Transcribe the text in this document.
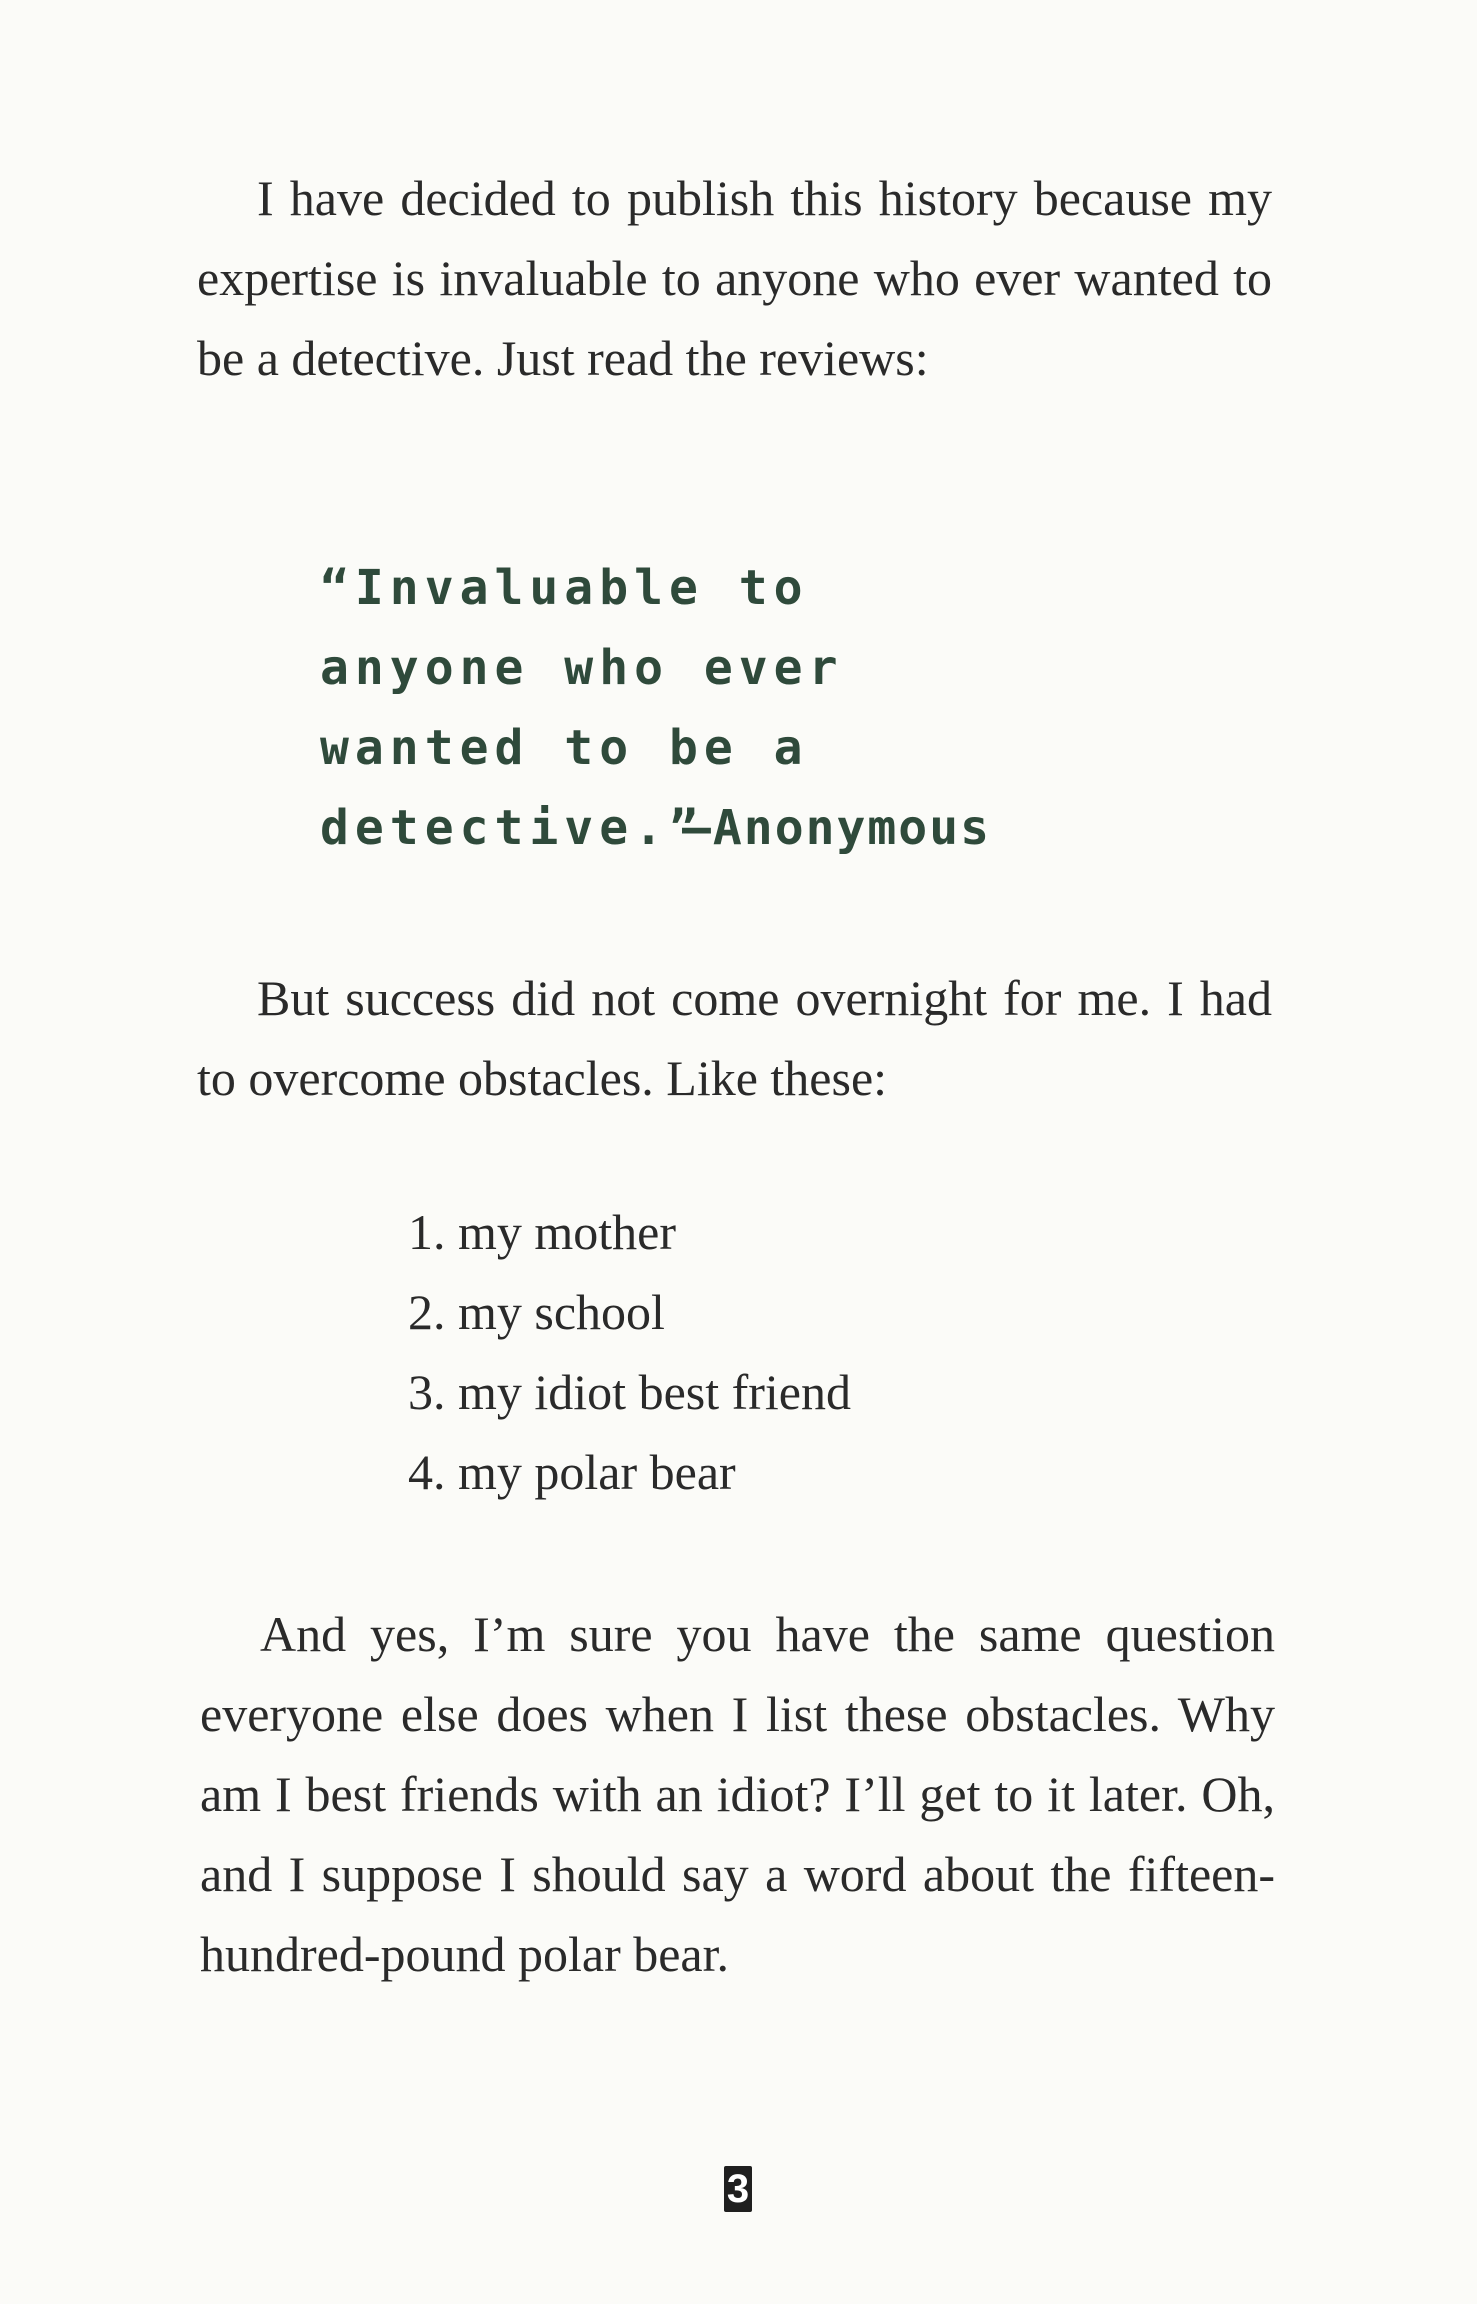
I have decided to publish this history because my expertise is invaluable to anyone who ever wanted to be a detective. Just read the reviews:

“Invaluable to anyone who ever wanted to be a detective.”

—Anonymous

But success did not come overnight for me. I had to overcome obstacles. Like these:

1. my mother
2. my school
3. my idiot best friend
4. my polar bear

And yes, I’m sure you have the same question everyone else does when I list these obstacles. Why am I best friends with an idiot? I’ll get to it later. Oh, and I suppose I should say a word about the fifteen-hundred-pound polar bear.

3
